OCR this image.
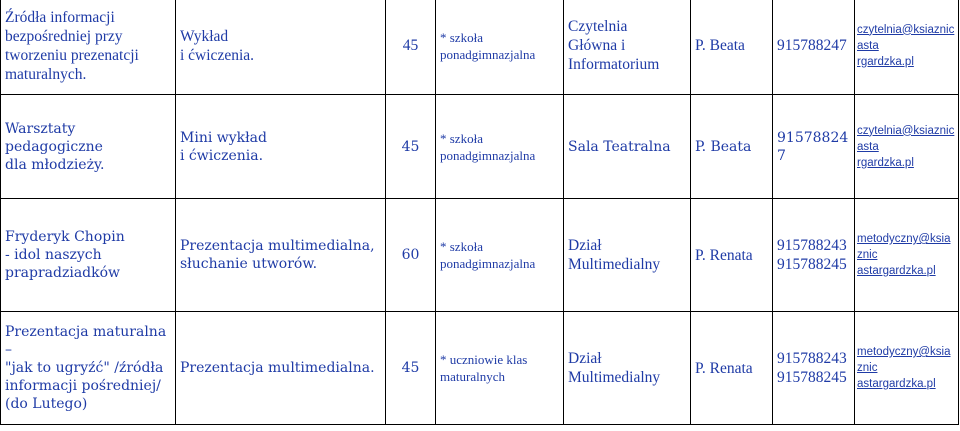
Źródła informacji
bezpośredniej przy
tworzeniu prezenatcji
maturalnych.	Wykład
i ćwiczenia.	45	* szkoła
ponadgimnazjalna	Czytelnia
Główna i
Informatorium	P. Beata	915788247	czytelnia@ksiaznicasta
rgardzka.pl

Warsztaty pedagogiczne
dla młodzieży.	Mini wykład
i ćwiczenia.	45	* szkoła
ponadgimnazjalna	Sala Teatralna	P. Beata	915788247	czytelnia@ksiaznicasta
rgardzka.pl

Fryderyk Chopin
- idol naszych
prapradziadków	Prezentacja multimedialna,
słuchanie utworów.	60	* szkoła
ponadgimnazjalna	Dział
Multimedialny	P. Renata	915788243
915788245	metodyczny@ksiaznic
astargardzka.pl

Prezentacja maturalna –
"jak to ugryźć" /źródła
informacji pośredniej/
(do Lutego)	Prezentacja multimedialna.	45	* uczniowie klas
maturalnych	Dział
Multimedialny	P. Renata	915788243
915788245	metodyczny@ksiaznic
astargardzka.pl
